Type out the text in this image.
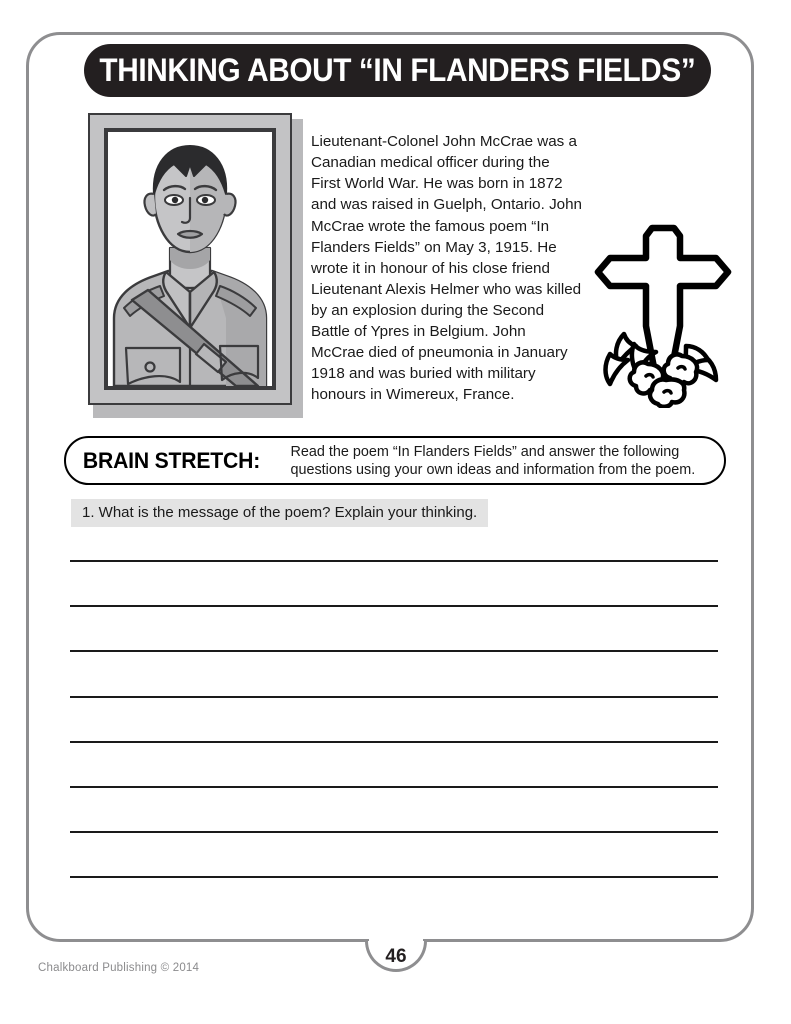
THINKING ABOUT “IN FLANDERS FIELDS”

Lieutenant-Colonel John McCrae was a Canadian medical officer during the First World War. He was born in 1872 and was raised in Guelph, Ontario. John McCrae wrote the famous poem “In Flanders Fields” on May 3, 1915. He wrote it in honour of his close friend Lieutenant Alexis Helmer who was killed by an explosion during the Second Battle of Ypres in Belgium. John McCrae died of pneumonia in January 1918 and was buried with military honours in Wimereux, France.

BRAIN STRETCH:	Read the poem “In Flanders Fields” and answer the following questions using your own ideas and information from the poem.
1. What is the message of the poem? Explain your thinking.
46
Chalkboard Publishing © 2014
